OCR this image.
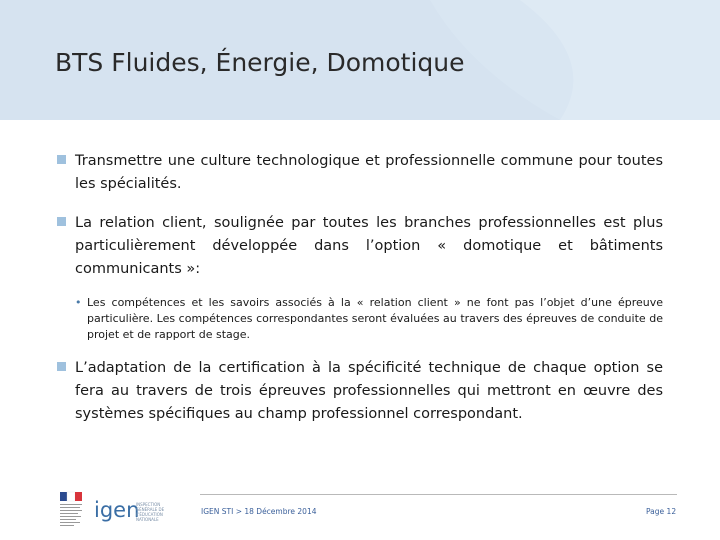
BTS Fluides, Énergie, Domotique
Transmettre une culture technologique et professionnelle commune pour toutes les spécialités.
La relation client, soulignée par toutes les branches professionnelles est plus particulièrement développée dans l’option « domotique et bâtiments communicants »:
• Les compétences et les savoirs associés à la « relation client » ne font pas l’objet d’une épreuve particulière. Les compétences correspondantes seront évaluées au travers des épreuves de conduite de projet et de rapport de stage.
L’adaptation de la certification à la spécificité technique de chaque option se fera au travers de trois épreuves professionnelles qui mettront en œuvre des systèmes spécifiques au champ professionnel correspondant.
igen
INSPECTION GÉNÉRALE DE L'ÉDUCATION NATIONALE
IGEN STI > 18 Décembre 2014	Page 12
